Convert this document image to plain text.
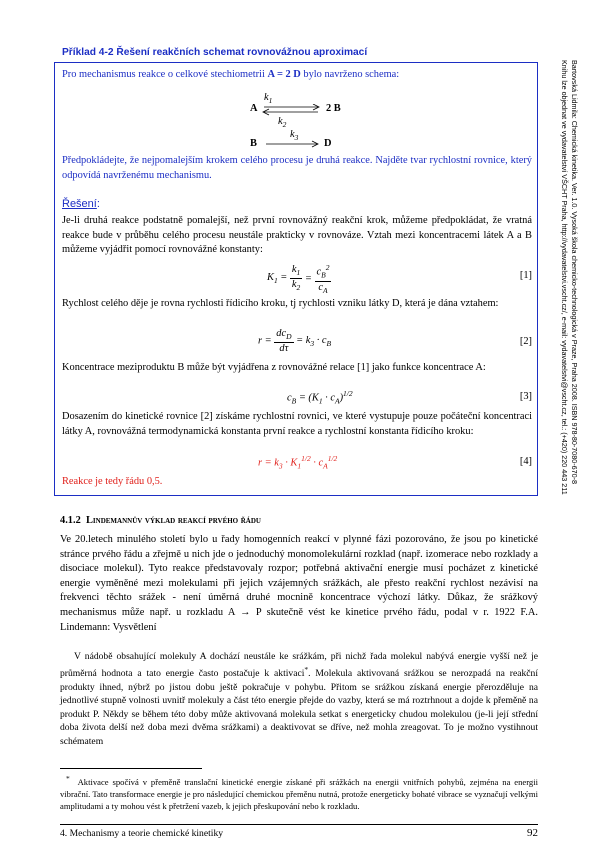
Příklad 4-2 Řešení reakčních schemat rovnovážnou aproximací
Pro mechanismus reakce o celkové stechiometrii A = 2 D bylo navrženo schema:
$k_1$
A	2 B
$k_2$
$k_3$
B	D
Předpokládejte, že nejpomalejším krokem celého procesu je druhá reakce. Najděte tvar rychlostní rovnice, který odpovídá navrženému mechanismu.
Řešení:
Je-li druhá reakce podstatně pomalejší, než první rovnovážný reakční krok, můžeme předpokládat, že vratná reakce bude v průběhu celého procesu neustále prakticky v rovnováze. Vztah mezi koncentracemi látek A a B můžeme vyjádřit pomocí rovnovážné konstanty:
$K_1 = \frac{k_1}{k_2} = \frac{c_B^2}{c_A}$	[1]
Rychlost celého děje je rovna rychlosti řídicího kroku, tj rychlosti vzniku látky D, která je dána vztahem:
$r = \frac{dc_D}{d\tau} = k_3 \cdot c_B$	[2]
Koncentrace meziproduktu B může být vyjádřena z rovnovážné relace [1] jako funkce koncentrace A:
$c_B = (K_1 \cdot c_A)^{1/2}$	[3]
Dosazením do kinetické rovnice [2] získáme rychlostní rovnici, ve které vystupuje pouze počáteční koncentraci látky A, rovnovážná termodynamická konstanta první reakce a rychlostní konstanta řídicího kroku:
$r = k_3 \cdot K_1^{1/2} \cdot c_A^{1/2}$	[4]
Reakce je tedy řádu 0,5.
4.1.2 Lindemannův výklad reakcí prvého řádu
Ve 20.letech minulého století bylo u řady homogenních reakcí v plynné fázi pozorováno, že jsou po kinetické stránce prvého řádu a zřejmě u nich jde o jednoduchý monomolekulární rozklad (např. izomerace nebo rozklady a disociace molekul). Tyto reakce představovaly rozpor; potřebná aktivační energie musí pocházet z kinetické energie vyměněné mezi molekulami při jejich vzájemných srážkách, ale přesto reakční rychlost nezávisí na frekvenci těchto srážek - není úměrná druhé mocnině koncentrace výchozí látky. Důkaz, že srážkový mechanismus může např. u rozkladu A → P skutečně vést ke kinetice prvého řádu, podal v r. 1922 F.A. Lindemann: Vysvětlení
V nádobě obsahující molekuly A dochází neustále ke srážkám, při nichž řada molekul nabývá energie vyšší než je průměrná hodnota a tato energie často postačuje k aktivaci*. Molekula aktivovaná srážkou se nerozpadá na reakční produkty ihned, nýbrž po jistou dobu ještě pokračuje v pohybu. Přitom se srážkou získaná energie přerozděluje na jednotlivé stupně volnosti uvnitř molekuly a část této energie přejde do vazby, která se má roztrhnout a dojde k přeměně na produkt P. Někdy se během této doby může aktivovaná molekula setkat s energeticky chudou molekulou (je-li její střední doba života delší než doba mezi dvěma srážkami) a deaktivovat se dříve, než mohla zreagovat. To je možno vystihnout schématem
* Aktivace spočívá v přeměně translační kinetické energie získané při srážkách na energii vnitřních pohybů, zejména na energii vibrační. Tato transformace energie je pro následující chemickou přeměnu nutná, protože energeticky bohaté vibrace se vyznačují velkými amplitudami a ty mohou vést k přetržení vazeb, k jejich přeskupování nebo k rozkladu.
4. Mechanismy a teorie chemické kinetiky	92
Bartovská Lidmila: Chemická kinetika. Ver. 1.0. Vysoká škola chemicko-technologická v Praze, Praha 2008. ISBN 978-80-7080-670-8
Knihu lze objednat ve vydavatelství VŠCHT Praha, http://vydavatelstvi.vscht.cz/, e-mail: vydavatelstvi@vscht.cz, tel.: (+420) 220 443 211
